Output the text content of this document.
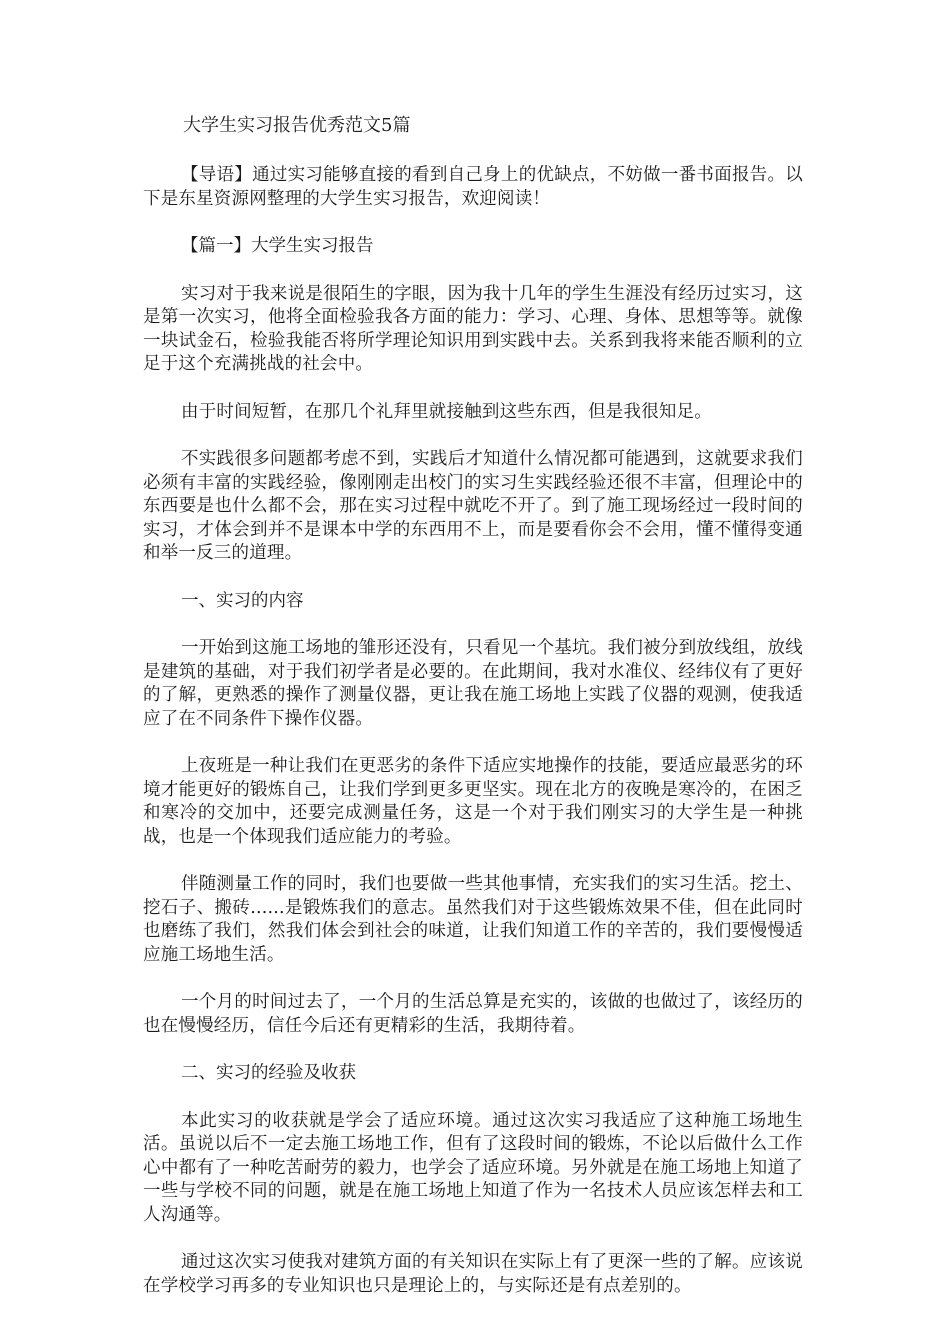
大学生实习报告优秀范文5篇

【导语】通过实习能够直接的看到自己身上的优缺点，不妨做一番书面报告。以下是东星资源网整理的大学生实习报告，欢迎阅读！

【篇一】大学生实习报告

实习对于我来说是很陌生的字眼，因为我十几年的学生生涯没有经历过实习，这是第一次实习，他将全面检验我各方面的能力：学习、心理、身体、思想等等。就像一块试金石，检验我能否将所学理论知识用到实践中去。关系到我将来能否顺利的立足于这个充满挑战的社会中。

由于时间短暂，在那几个礼拜里就接触到这些东西，但是我很知足。

不实践很多问题都考虑不到，实践后才知道什么情况都可能遇到，这就要求我们必须有丰富的实践经验，像刚刚走出校门的实习生实践经验还很不丰富，但理论中的东西要是也什么都不会，那在实习过程中就吃不开了。到了施工现场经过一段时间的实习，才体会到并不是课本中学的东西用不上，而是要看你会不会用，懂不懂得变通和举一反三的道理。

一、实习的内容

一开始到这施工场地的雏形还没有，只看见一个基坑。我们被分到放线组，放线是建筑的基础，对于我们初学者是必要的。在此期间，我对水准仪、经纬仪有了更好的了解，更熟悉的操作了测量仪器，更让我在施工场地上实践了仪器的观测，使我适应了在不同条件下操作仪器。

上夜班是一种让我们在更恶劣的条件下适应实地操作的技能，要适应最恶劣的环境才能更好的锻炼自己，让我们学到更多更坚实。现在北方的夜晚是寒冷的，在困乏和寒冷的交加中，还要完成测量任务，这是一个对于我们刚实习的大学生是一种挑战，也是一个体现我们适应能力的考验。

伴随测量工作的同时，我们也要做一些其他事情，充实我们的实习生活。挖土、挖石子、搬砖......是锻炼我们的意志。虽然我们对于这些锻炼效果不佳，但在此同时也磨练了我们，然我们体会到社会的味道，让我们知道工作的辛苦的，我们要慢慢适应施工场地生活。

一个月的时间过去了，一个月的生活总算是充实的，该做的也做过了，该经历的也在慢慢经历，信任今后还有更精彩的生活，我期待着。

二、实习的经验及收获

本此实习的收获就是学会了适应环境。通过这次实习我适应了这种施工场地生活。虽说以后不一定去施工场地工作，但有了这段时间的锻炼，不论以后做什么工作心中都有了一种吃苦耐劳的毅力，也学会了适应环境。另外就是在施工场地上知道了一些与学校不同的问题，就是在施工场地上知道了作为一名技术人员应该怎样去和工人沟通等。

通过这次实习使我对建筑方面的有关知识在实际上有了更深一些的了解。应该说在学校学习再多的专业知识也只是理论上的，与实际还是有点差别的。
